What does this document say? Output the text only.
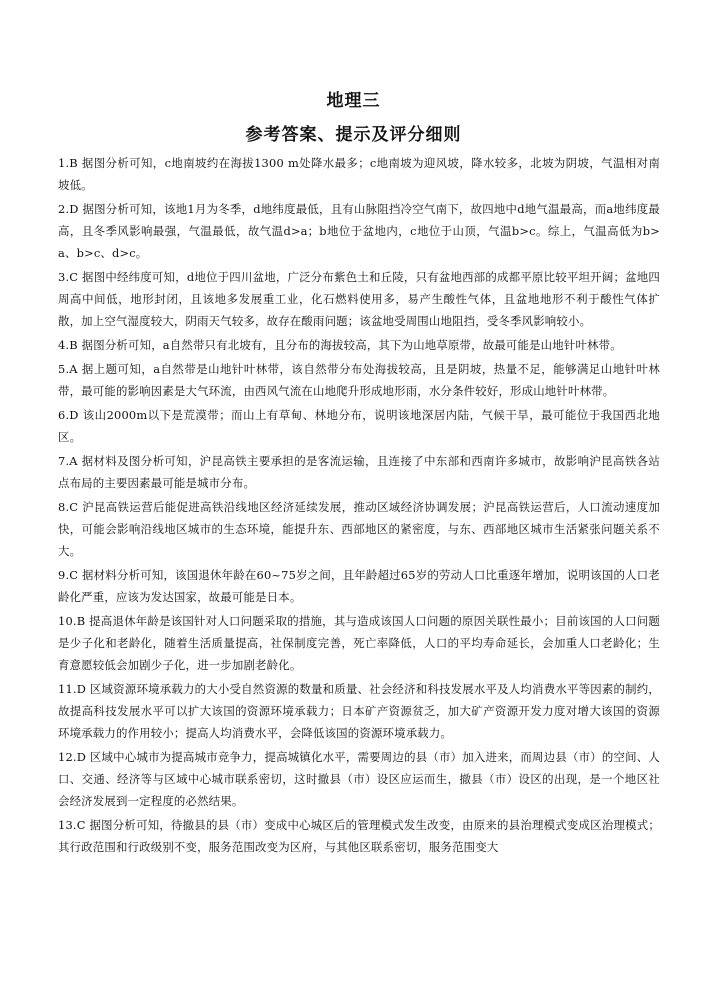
地理三
参考答案、提示及评分细则

1.B 据图分析可知，c地南坡约在海拔1300 m处降水最多；c地南坡为迎风坡，降水较多，北坡为阴坡，气温相对南坡低。

2.D 据图分析可知，该地1月为冬季，d地纬度最低，且有山脉阻挡冷空气南下，故四地中d地气温最高，而a地纬度最高，且冬季风影响最强，气温最低，故气温d>a；b地位于盆地内，c地位于山顶，气温b>c。综上，气温高低为b>a、b>c、d>c。

3.C 据图中经纬度可知，d地位于四川盆地，广泛分布紫色土和丘陵，只有盆地西部的成都平原比较平坦开阔；盆地四周高中间低，地形封闭，且该地多发展重工业，化石燃料使用多，易产生酸性气体，且盆地地形不利于酸性气体扩散，加上空气湿度较大，阴雨天气较多，故存在酸雨问题；该盆地受周围山地阻挡，受冬季风影响较小。

4.B 据图分析可知，a自然带只有北坡有，且分布的海拔较高，其下为山地草原带，故最可能是山地针叶林带。

5.A 据上题可知，a自然带是山地针叶林带，该自然带分布处海拔较高，且是阴坡，热量不足，能够满足山地针叶林带，最可能的影响因素是大气环流，由西风气流在山地爬升形成地形雨，水分条件较好，形成山地针叶林带。

6.D 该山2000m以下是荒漠带；而山上有草甸、林地分布，说明该地深居内陆，气候干旱，最可能位于我国西北地区。

7.A 据材料及图分析可知，沪昆高铁主要承担的是客流运输，且连接了中东部和西南许多城市，故影响沪昆高铁各站点布局的主要因素最可能是城市分布。

8.C 沪昆高铁运营后能促进高铁沿线地区经济延续发展，推动区域经济协调发展；沪昆高铁运营后，人口流动速度加快，可能会影响沿线地区城市的生态环境，能提升东、西部地区的紧密度，与东、西部地区城市生活紧张问题关系不大。

9.C 据材料分析可知，该国退休年龄在60~75岁之间，且年龄超过65岁的劳动人口比重逐年增加，说明该国的人口老龄化严重，应该为发达国家，故最可能是日本。

10.B 提高退休年龄是该国针对人口问题采取的措施，其与造成该国人口问题的原因关联性最小；目前该国的人口问题是少子化和老龄化，随着生活质量提高，社保制度完善，死亡率降低，人口的平均寿命延长，会加重人口老龄化；生育意愿较低会加剧少子化，进一步加剧老龄化。

11.D 区域资源环境承载力的大小受自然资源的数量和质量、社会经济和科技发展水平及人均消费水平等因素的制约，故提高科技发展水平可以扩大该国的资源环境承载力；日本矿产资源贫乏，加大矿产资源开发力度对增大该国的资源环境承载力的作用较小；提高人均消费水平，会降低该国的资源环境承载力。

12.D 区域中心城市为提高城市竞争力，提高城镇化水平，需要周边的县（市）加入进来，而周边县（市）的空间、人口、交通、经济等与区域中心城市联系密切，这时撤县（市）设区应运而生，撤县（市）设区的出现，是一个地区社会经济发展到一定程度的必然结果。

13.C 据图分析可知，待撤县的县（市）变成中心城区后的管理模式发生改变，由原来的县治理模式变成区治理模式；其行政范围和行政级别不变，服务范围改变为区府，与其他区联系密切，服务范围变大
